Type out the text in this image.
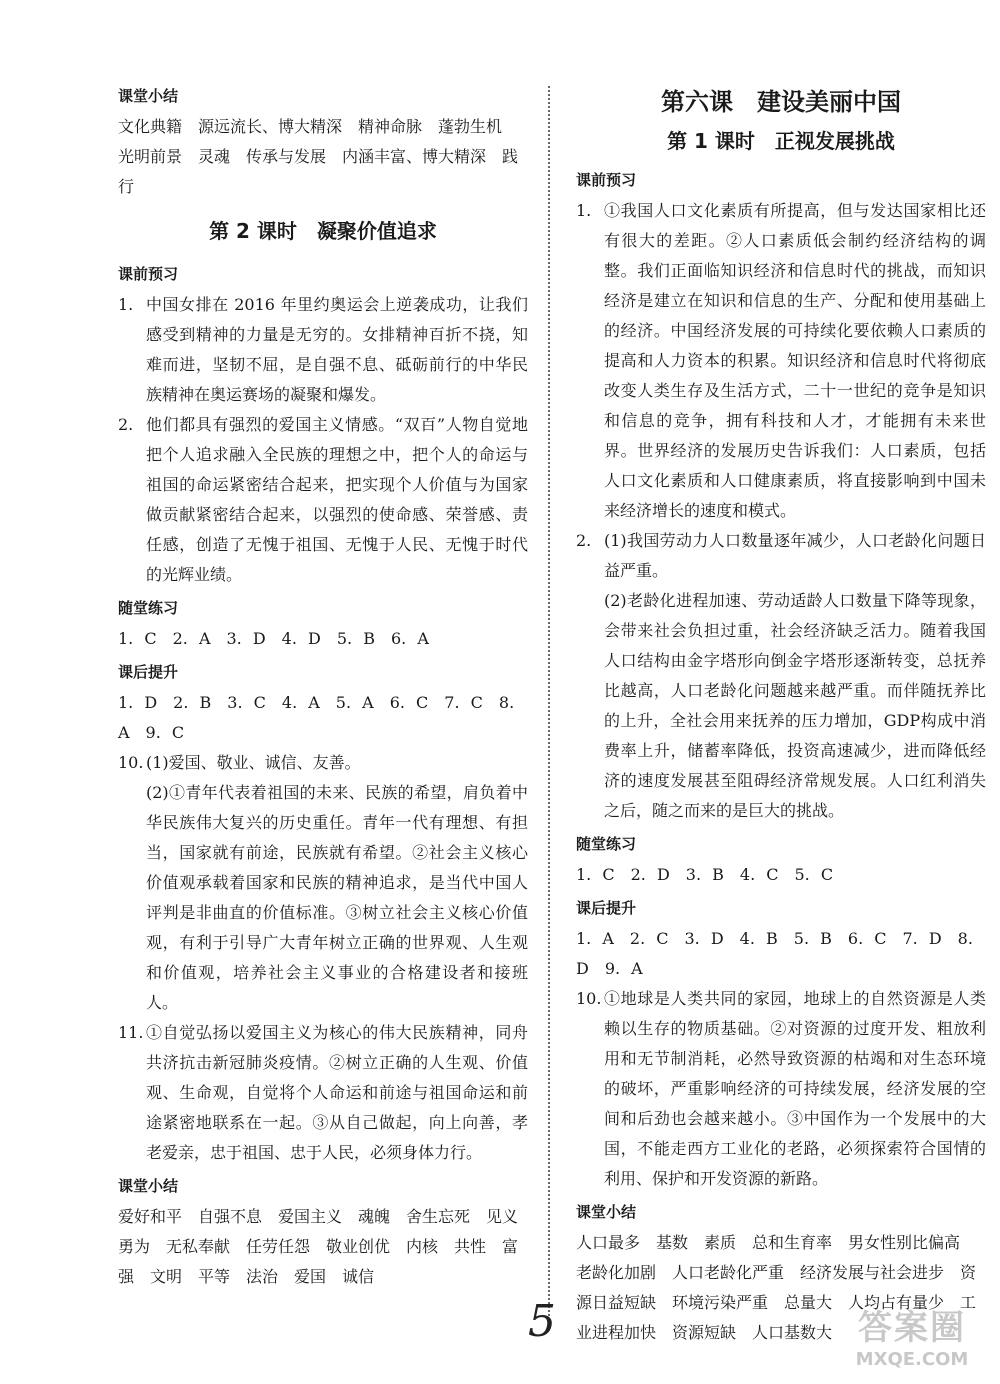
课堂小结

文化典籍　源远流长、博大精深　精神命脉　蓬勃生机　光明前景　灵魂　传承与发展　内涵丰富、博大精深　践行

第 2 课时　凝聚价值追求
课前预习
1. 中国女排在 2016 年里约奥运会上逆袭成功，让我们感受到精神的力量是无穷的。女排精神百折不挠，知难而进，坚韧不屈，是自强不息、砥砺前行的中华民族精神在奥运赛场的凝聚和爆发。
2. 他们都具有强烈的爱国主义情感。“双百”人物自觉地把个人追求融入全民族的理想之中，把个人的命运与祖国的命运紧密结合起来，把实现个人价值与为国家做贡献紧密结合起来，以强烈的使命感、荣誉感、责任感，创造了无愧于祖国、无愧于人民、无愧于时代的光辉业绩。
随堂练习

1. C　2. A　3. D　4. D　5. B　6. A

课后提升

1. D　2. B　3. C　4. A　5. A　6. C　7. C　8. A　9. C

10. (1)爱国、敬业、诚信、友善。

(2)①青年代表着祖国的未来、民族的希望，肩负着中华民族伟大复兴的历史重任。青年一代有理想、有担当，国家就有前途，民族就有希望。②社会主义核心价值观承载着国家和民族的精神追求，是当代中国人评判是非曲直的价值标准。③树立社会主义核心价值观，有利于引导广大青年树立正确的世界观、人生观和价值观，培养社会主义事业的合格建设者和接班人。

11. ①自觉弘扬以爱国主义为核心的伟大民族精神，同舟共济抗击新冠肺炎疫情。②树立正确的人生观、价值观、生命观，自觉将个人命运和前途与祖国命运和前途紧密地联系在一起。③从自己做起，向上向善，孝老爱亲，忠于祖国、忠于人民，必须身体力行。
课堂小结

爱好和平　自强不息　爱国主义　魂魄　舍生忘死　见义勇为　无私奉献　任劳任怨　敬业创优　内核　共性　富强　文明　平等　法治　爱国　诚信

第六课　建设美丽中国
第 1 课时　正视发展挑战
课前预习
1. ①我国人口文化素质有所提高，但与发达国家相比还有很大的差距。②人口素质低会制约经济结构的调整。我们正面临知识经济和信息时代的挑战，而知识经济是建立在知识和信息的生产、分配和使用基础上的经济。中国经济发展的可持续化要依赖人口素质的提高和人力资本的积累。知识经济和信息时代将彻底改变人类生存及生活方式，二十一世纪的竞争是知识和信息的竞争，拥有科技和人才，才能拥有未来世界。世界经济的发展历史告诉我们：人口素质，包括人口文化素质和人口健康素质，将直接影响到中国未来经济增长的速度和模式。
2. (1)我国劳动力人口数量逐年减少，人口老龄化问题日益严重。

(2)老龄化进程加速、劳动适龄人口数量下降等现象，会带来社会负担过重，社会经济缺乏活力。随着我国人口结构由金字塔形向倒金字塔形逐渐转变，总抚养比越高，人口老龄化问题越来越严重。而伴随抚养比的上升，全社会用来抚养的压力增加，GDP构成中消费率上升，储蓄率降低，投资高速减少，进而降低经济的速度发展甚至阻碍经济常规发展。人口红利消失之后，随之而来的是巨大的挑战。

随堂练习

1. C　2. D　3. B　4. C　5. C

课后提升

1. A　2. C　3. D　4. B　5. B　6. C　7. D　8. D　9. A

10. ①地球是人类共同的家园，地球上的自然资源是人类赖以生存的物质基础。②对资源的过度开发、粗放利用和无节制消耗，必然导致资源的枯竭和对生态环境的破坏，严重影响经济的可持续发展，经济发展的空间和后劲也会越来越小。③中国作为一个发展中的大国，不能走西方工业化的老路，必须探索符合国情的利用、保护和开发资源的新路。
课堂小结

人口最多　基数　素质　总和生育率　男女性别比偏高　老龄化加剧　人口老龄化严重　经济发展与社会进步　资源日益短缺　环境污染严重　总量大　人均占有量少　工业进程加快　资源短缺　人口基数大

5	答案圈
MXQE.COM
